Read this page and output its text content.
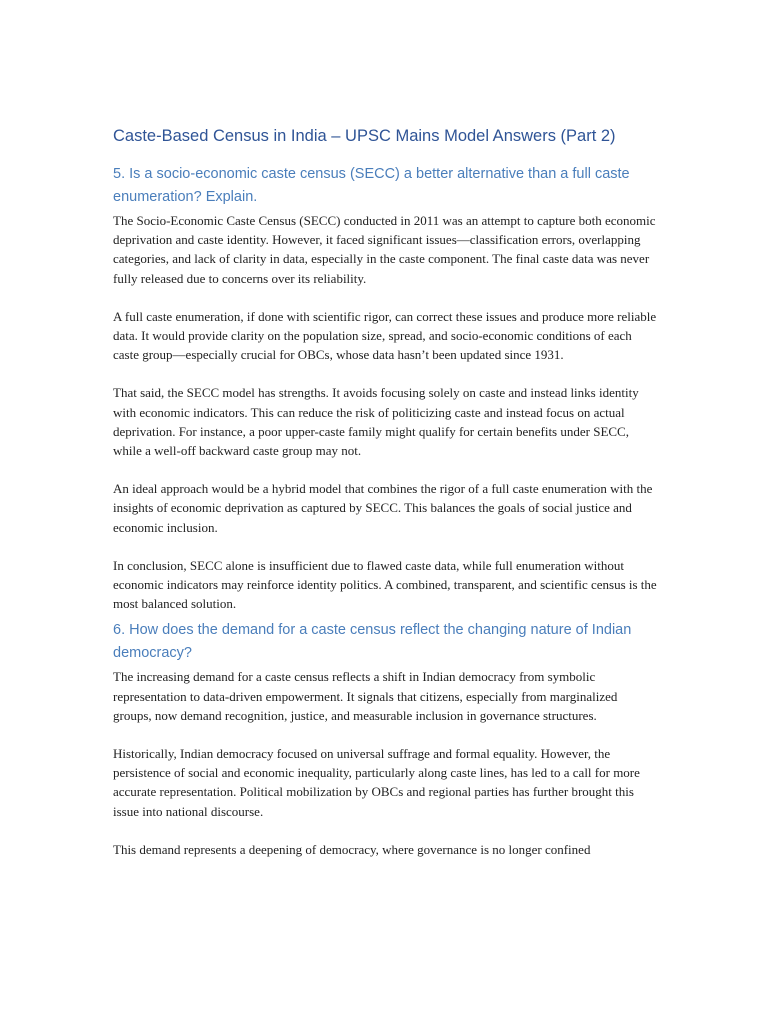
Caste-Based Census in India – UPSC Mains Model Answers (Part 2)
5. Is a socio-economic caste census (SECC) a better alternative than a full caste enumeration? Explain.

The Socio-Economic Caste Census (SECC) conducted in 2011 was an attempt to capture both economic deprivation and caste identity. However, it faced significant issues—classification errors, overlapping categories, and lack of clarity in data, especially in the caste component. The final caste data was never fully released due to concerns over its reliability.

A full caste enumeration, if done with scientific rigor, can correct these issues and produce more reliable data. It would provide clarity on the population size, spread, and socio-economic conditions of each caste group—especially crucial for OBCs, whose data hasn’t been updated since 1931.

That said, the SECC model has strengths. It avoids focusing solely on caste and instead links identity with economic indicators. This can reduce the risk of politicizing caste and instead focus on actual deprivation. For instance, a poor upper-caste family might qualify for certain benefits under SECC, while a well-off backward caste group may not.

An ideal approach would be a hybrid model that combines the rigor of a full caste enumeration with the insights of economic deprivation as captured by SECC. This balances the goals of social justice and economic inclusion.

In conclusion, SECC alone is insufficient due to flawed caste data, while full enumeration without economic indicators may reinforce identity politics. A combined, transparent, and scientific census is the most balanced solution.

6. How does the demand for a caste census reflect the changing nature of Indian democracy?

The increasing demand for a caste census reflects a shift in Indian democracy from symbolic representation to data-driven empowerment. It signals that citizens, especially from marginalized groups, now demand recognition, justice, and measurable inclusion in governance structures.

Historically, Indian democracy focused on universal suffrage and formal equality. However, the persistence of social and economic inequality, particularly along caste lines, has led to a call for more accurate representation. Political mobilization by OBCs and regional parties has further brought this issue into national discourse.

This demand represents a deepening of democracy, where governance is no longer confined
